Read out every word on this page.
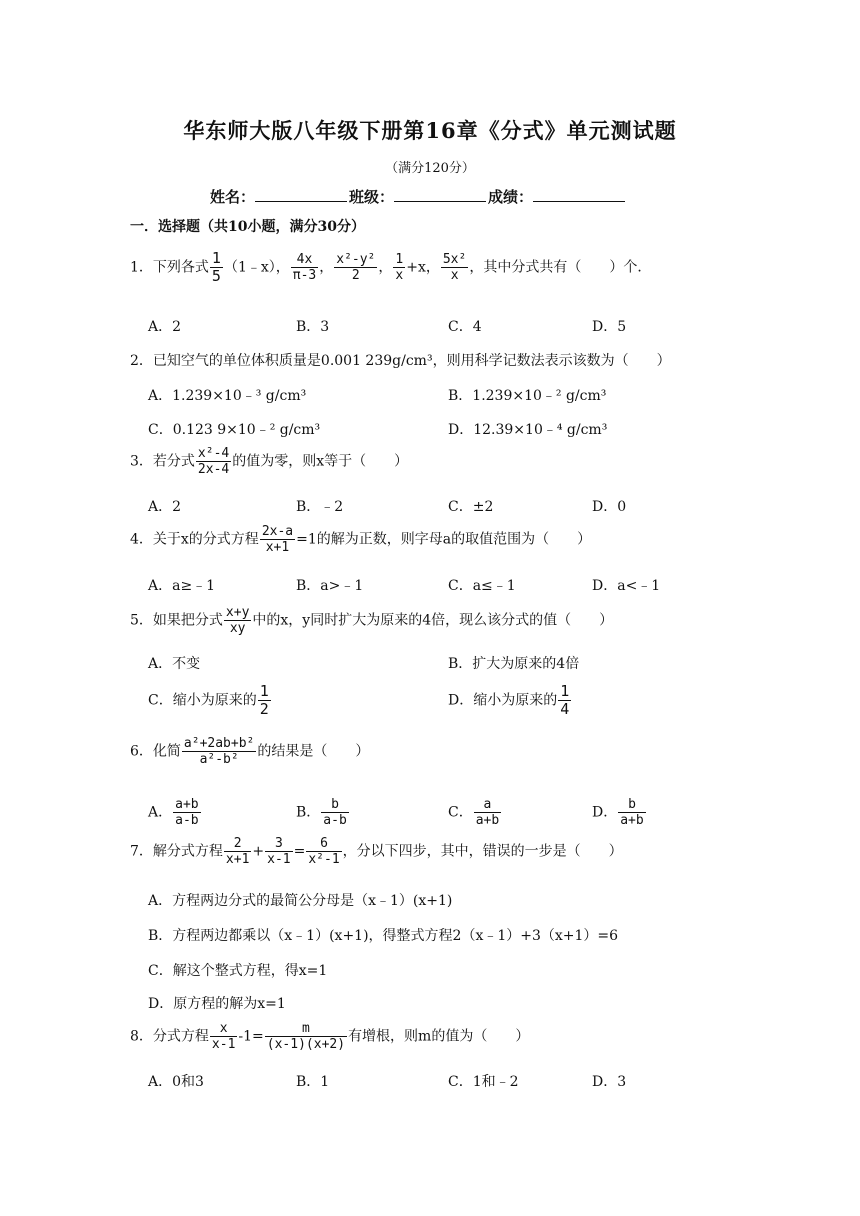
华东师大版八年级下册第16章《分式》单元测试题
（满分120分）
姓名：	班级：	成绩：
一．选择题（共10小题，满分30分）
1．下列各式 $\frac{1}{5}$ （1﹣x）， $\frac{4x}{\pi-3}$ ， $\frac{\text{x²-y²}}{2}$ ， $\frac{1}{x} +x$， $\frac{\text{5x²}}{x}$ ，其中分式共有（　　）个．
A．2	B．3	C．4	D．5
2．已知空气的单位体积质量是0.001 239g/cm³，则用科学记数法表示该数为（　　）
A．1.239×10﹣³ g/cm³	B．1.239×10﹣² g/cm³
C．0.123 9×10﹣² g/cm³	D．12.39×10﹣⁴ g/cm³
3．若分式 $\frac{\text{x²-4}}{2x-4}$ 的值为零，则x等于（　　）
A．2	B．﹣2	C．±2	D．0
4．关于x的分式方程 $\frac{2x-a}{x+1} =1$的解为正数，则字母a的取值范围为（　　）
A．a≥﹣1	B．a>﹣1	C．a≤﹣1	D．a<﹣1
5．如果把分式 $\frac{x+y}{xy}$ 中的x，y同时扩大为原来的4倍，现么该分式的值（　　）
A．不变	B．扩大为原来的4倍
C．缩小为原来的 $\frac{1}{2}$	D．缩小为原来的 $\frac{1}{4}$
6．化简 $\frac{\text{a²+2ab+b²}}{\text{a²-b²}}$ 的结果是（　　）
A． $\frac{a+b}{a-b}$	B． $\frac{b}{a-b}$	C． $\frac{a}{a+b}$	D． $\frac{b}{a+b}$
7．解分式方程 $\frac{2}{x+1} + \frac{3}{x-1} = \frac{6}{\text{x²-1}}$ ，分以下四步，其中，错误的一步是（　　）
A．方程两边分式的最简公分母是（x﹣1）(x+1)
B．方程两边都乘以（x﹣1）(x+1)，得整式方程2（x﹣1）+3（x+1）=6
C．解这个整式方程，得x=1
D．原方程的解为x=1
8．分式方程 $\frac{x}{x-1} -1= \frac{m}{(x-1)(x+2)}$ 有增根，则m的值为（　　）
A．0和3	B．1	C．1和﹣2	D．3
